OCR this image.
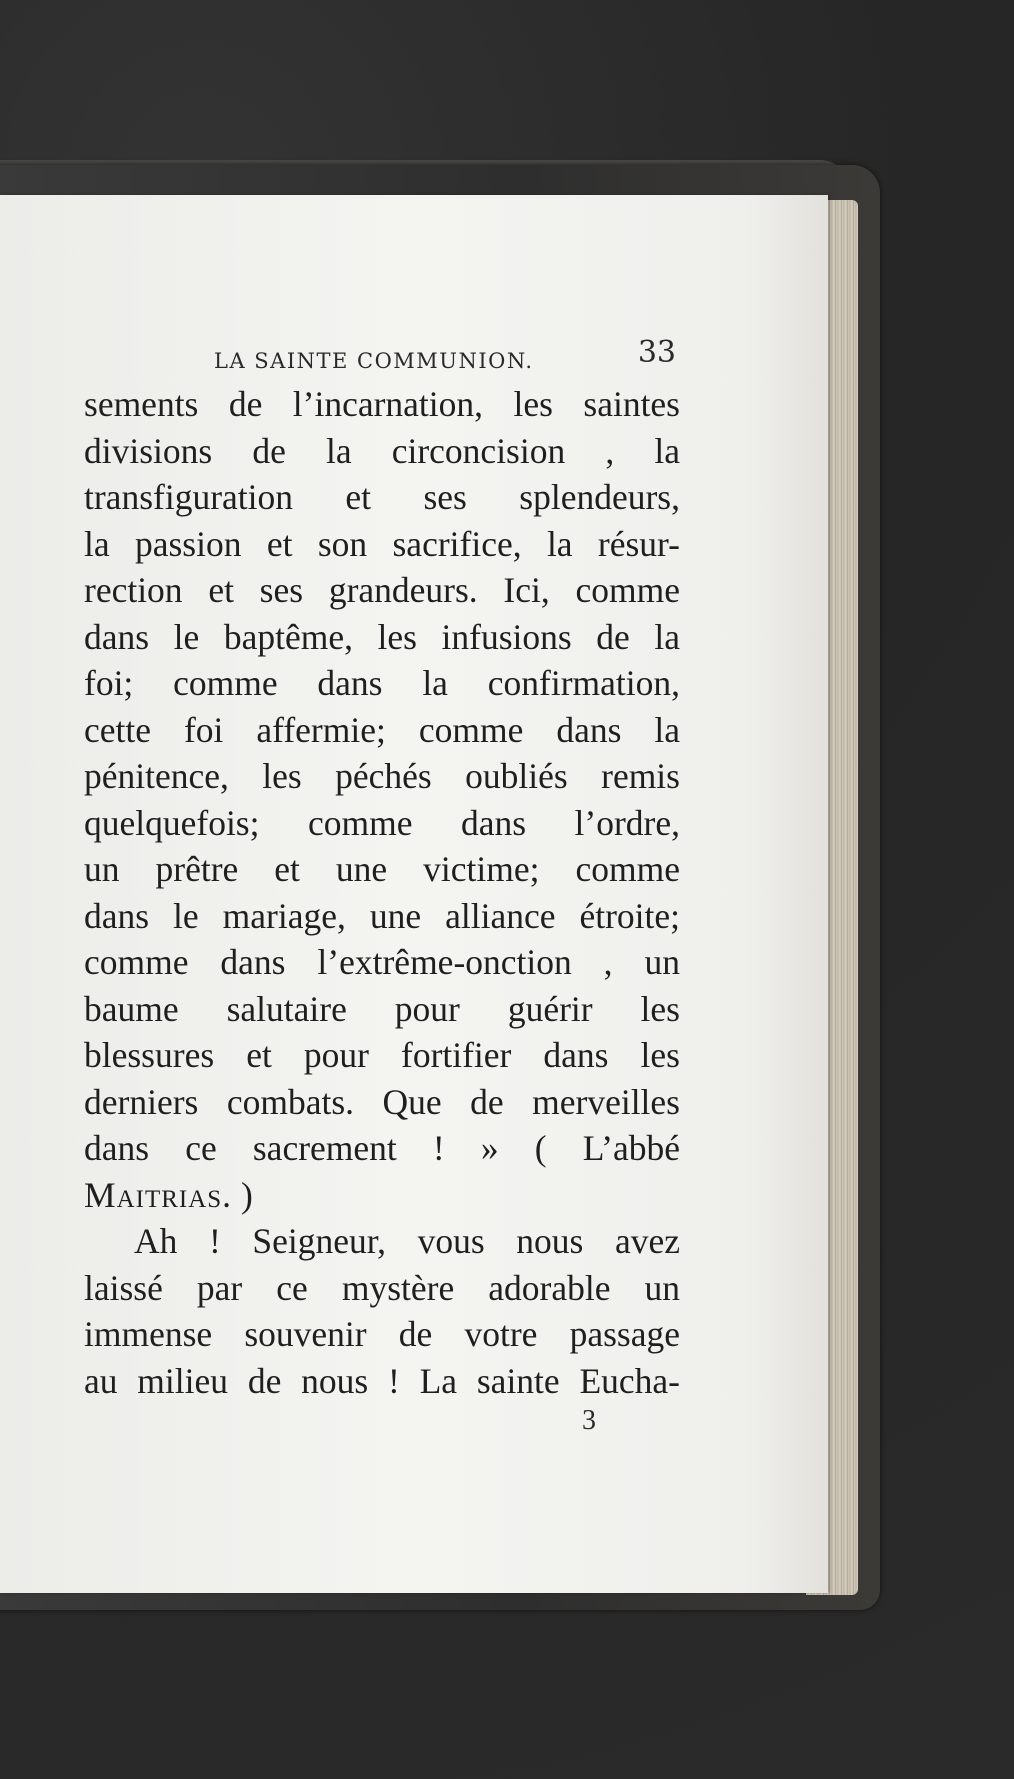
LA SAINTE COMMUNION.	33
sements de l’incarnation, les saintes
divisions de la circoncision , la
transfiguration et ses splendeurs,
la passion et son sacrifice, la résur-
rection et ses grandeurs. Ici, comme
dans le baptême, les infusions de la
foi; comme dans la confirmation,
cette foi affermie; comme dans la
pénitence, les péchés oubliés remis
quelquefois; comme dans l’ordre,
un prêtre et une victime; comme
dans le mariage, une alliance étroite;
comme dans l’extrême-onction , un
baume salutaire pour guérir les
blessures et pour fortifier dans les
derniers combats. Que de merveilles
dans ce sacrement ! » ( L’abbé
Maitrias. )
Ah ! Seigneur, vous nous avez
laissé par ce mystère adorable un
immense souvenir de votre passage
au milieu de nous ! La sainte Eucha-
3
